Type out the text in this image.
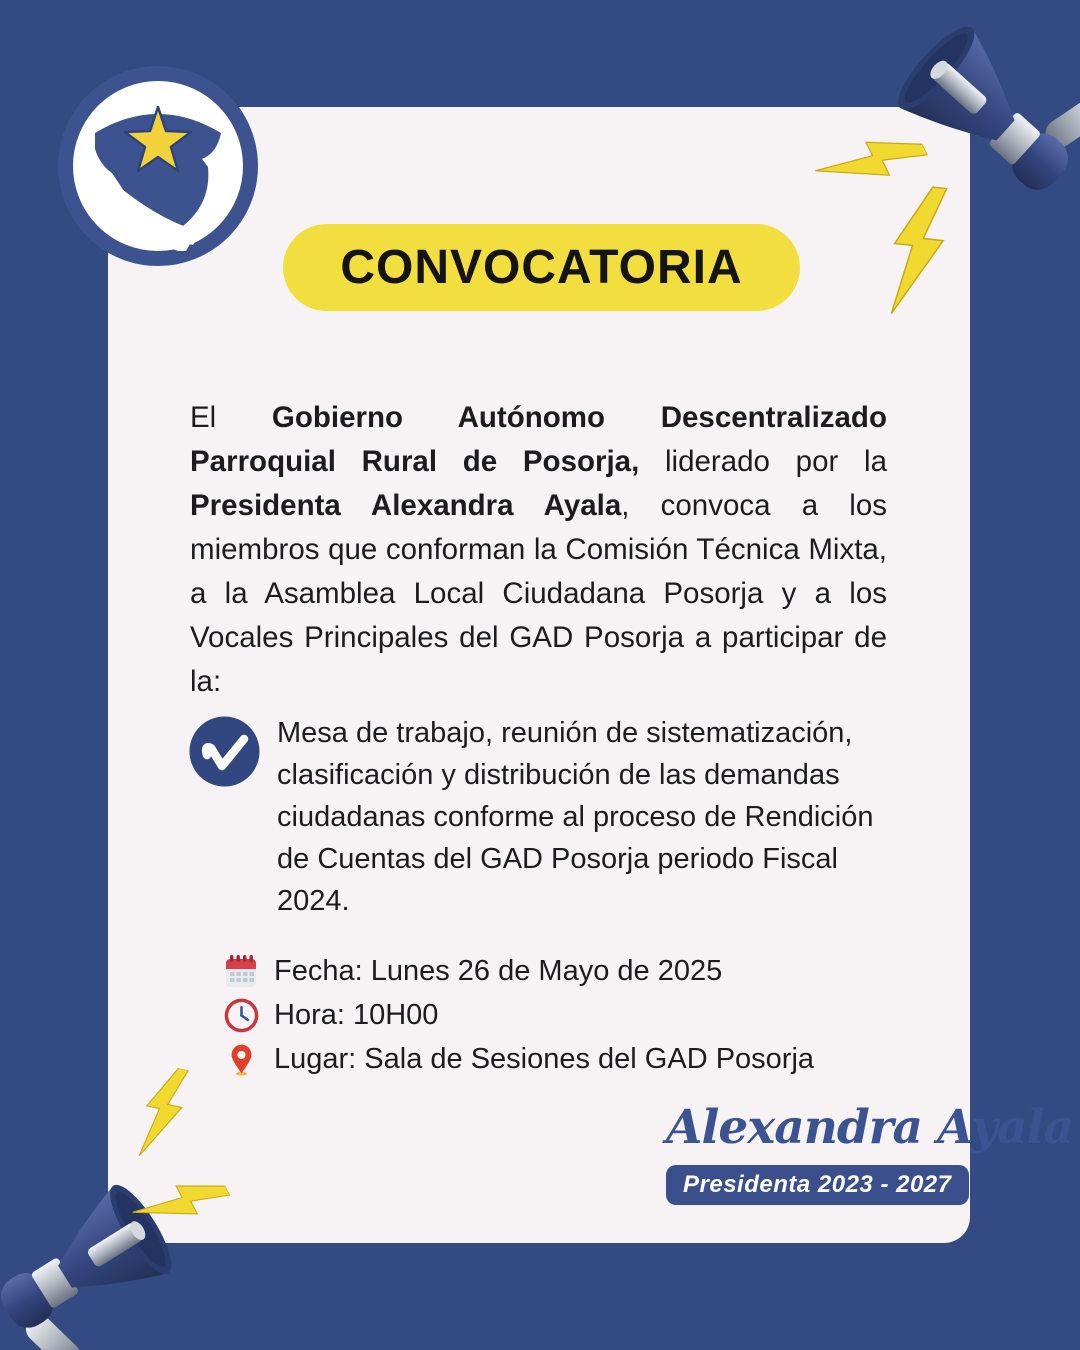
CONVOCATORIA

El Gobierno Autónomo Descentralizado Parroquial Rural de Posorja, liderado por la Presidenta Alexandra Ayala, convoca a los miembros que conforman la Comisión Técnica Mixta, a la Asamblea Local Ciudadana Posorja y a los Vocales Principales del GAD Posorja a participar de la:

Mesa de trabajo, reunión de sistematización, clasificación y distribución de las demandas ciudadanas conforme al proceso de Rendición de Cuentas del GAD Posorja periodo Fiscal 2024.
Fecha: Lunes 26 de Mayo de 2025
Hora: 10H00
Lugar: Sala de Sesiones del GAD Posorja
Alexandra Ayala
Presidenta 2023 - 2027
